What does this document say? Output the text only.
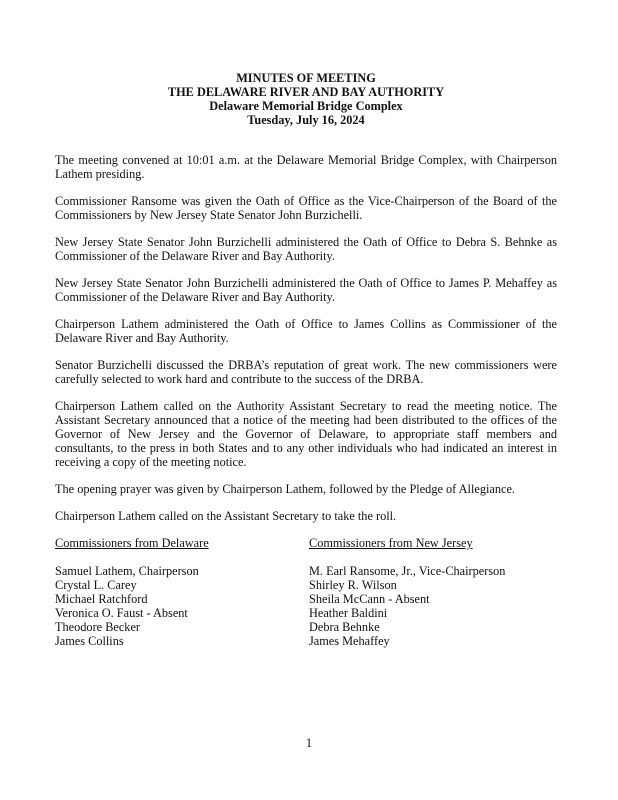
MINUTES OF MEETING
THE DELAWARE RIVER AND BAY AUTHORITY
Delaware Memorial Bridge Complex
Tuesday, July 16, 2024

The meeting convened at 10:01 a.m. at the Delaware Memorial Bridge Complex, with Chairperson Lathem presiding.

Commissioner Ransome was given the Oath of Office as the Vice-Chairperson of the Board of the Commissioners by New Jersey State Senator John Burzichelli.

New Jersey State Senator John Burzichelli administered the Oath of Office to Debra S. Behnke as Commissioner of the Delaware River and Bay Authority.

New Jersey State Senator John Burzichelli administered the Oath of Office to James P. Mehaffey as Commissioner of the Delaware River and Bay Authority.

Chairperson Lathem administered the Oath of Office to James Collins as Commissioner of the Delaware River and Bay Authority.

Senator Burzichelli discussed the DRBA’s reputation of great work. The new commissioners were carefully selected to work hard and contribute to the success of the DRBA.

Chairperson Lathem called on the Authority Assistant Secretary to read the meeting notice. The Assistant Secretary announced that a notice of the meeting had been distributed to the offices of the Governor of New Jersey and the Governor of Delaware, to appropriate staff members and consultants, to the press in both States and to any other individuals who had indicated an interest in receiving a copy of the meeting notice.

The opening prayer was given by Chairperson Lathem, followed by the Pledge of Allegiance.

Chairperson Lathem called on the Assistant Secretary to take the roll.

Commissioners from Delaware
Samuel Lathem, Chairperson
Crystal L. Carey
Michael Ratchford
Veronica O. Faust - Absent
Theodore Becker
James Collins
Commissioners from New Jersey
M. Earl Ransome, Jr., Vice-Chairperson
Shirley R. Wilson
Sheila McCann - Absent
Heather Baldini
Debra Behnke
James Mehaffey
1
